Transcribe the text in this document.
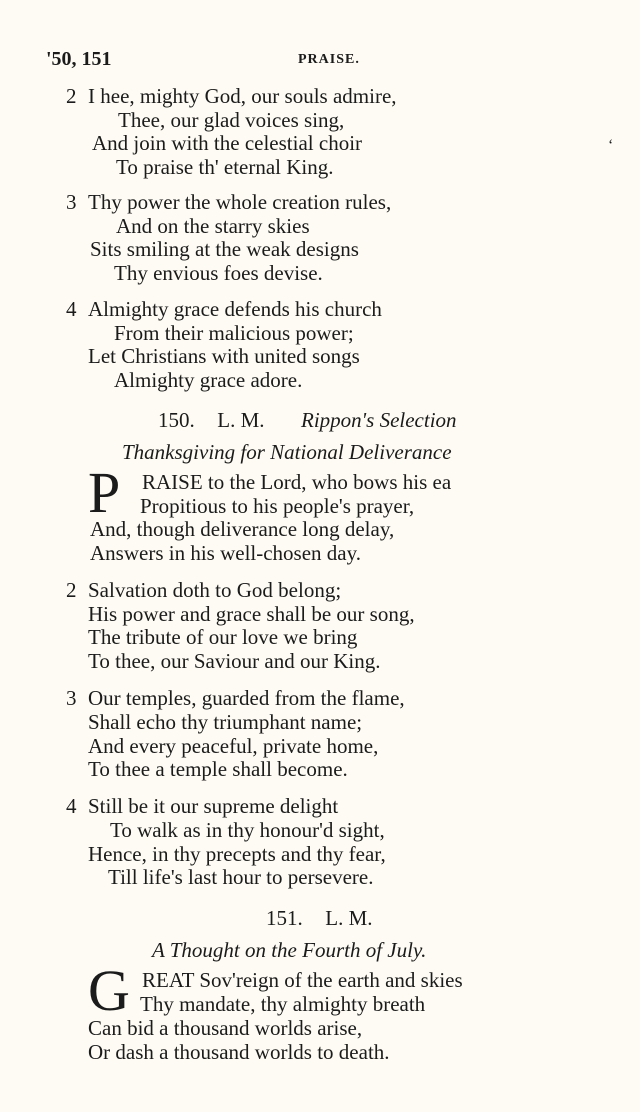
'50, 151	PRAISE.
2 I hee, mighty God, our souls admire,
Thee, our glad voices sing,
And join with the celestial choir
To praise th' eternal King.
‘
3 Thy power the whole creation rules,
And on the starry skies
Sits smiling at the weak designs
Thy envious foes devise.
4 Almighty grace defends his church
From their malicious power;
Let Christians with united songs
Almighty grace adore.
150. L. M. Rippon's Selection
Thanksgiving for National Deliverance
P RAISE to the Lord, who bows his ea
Propitious to his people's prayer,
And, though deliverance long delay,
Answers in his well-chosen day.
2 Salvation doth to God belong;
His power and grace shall be our song,
The tribute of our love we bring
To thee, our Saviour and our King.
3 Our temples, guarded from the flame,
Shall echo thy triumphant name;
And every peaceful, private home,
To thee a temple shall become.
4 Still be it our supreme delight
To walk as in thy honour'd sight,
Hence, in thy precepts and thy fear,
Till life's last hour to persevere.
151. L. M.
A Thought on the Fourth of July.
G REAT Sov'reign of the earth and skies
Thy mandate, thy almighty breath
Can bid a thousand worlds arise,
Or dash a thousand worlds to death.
